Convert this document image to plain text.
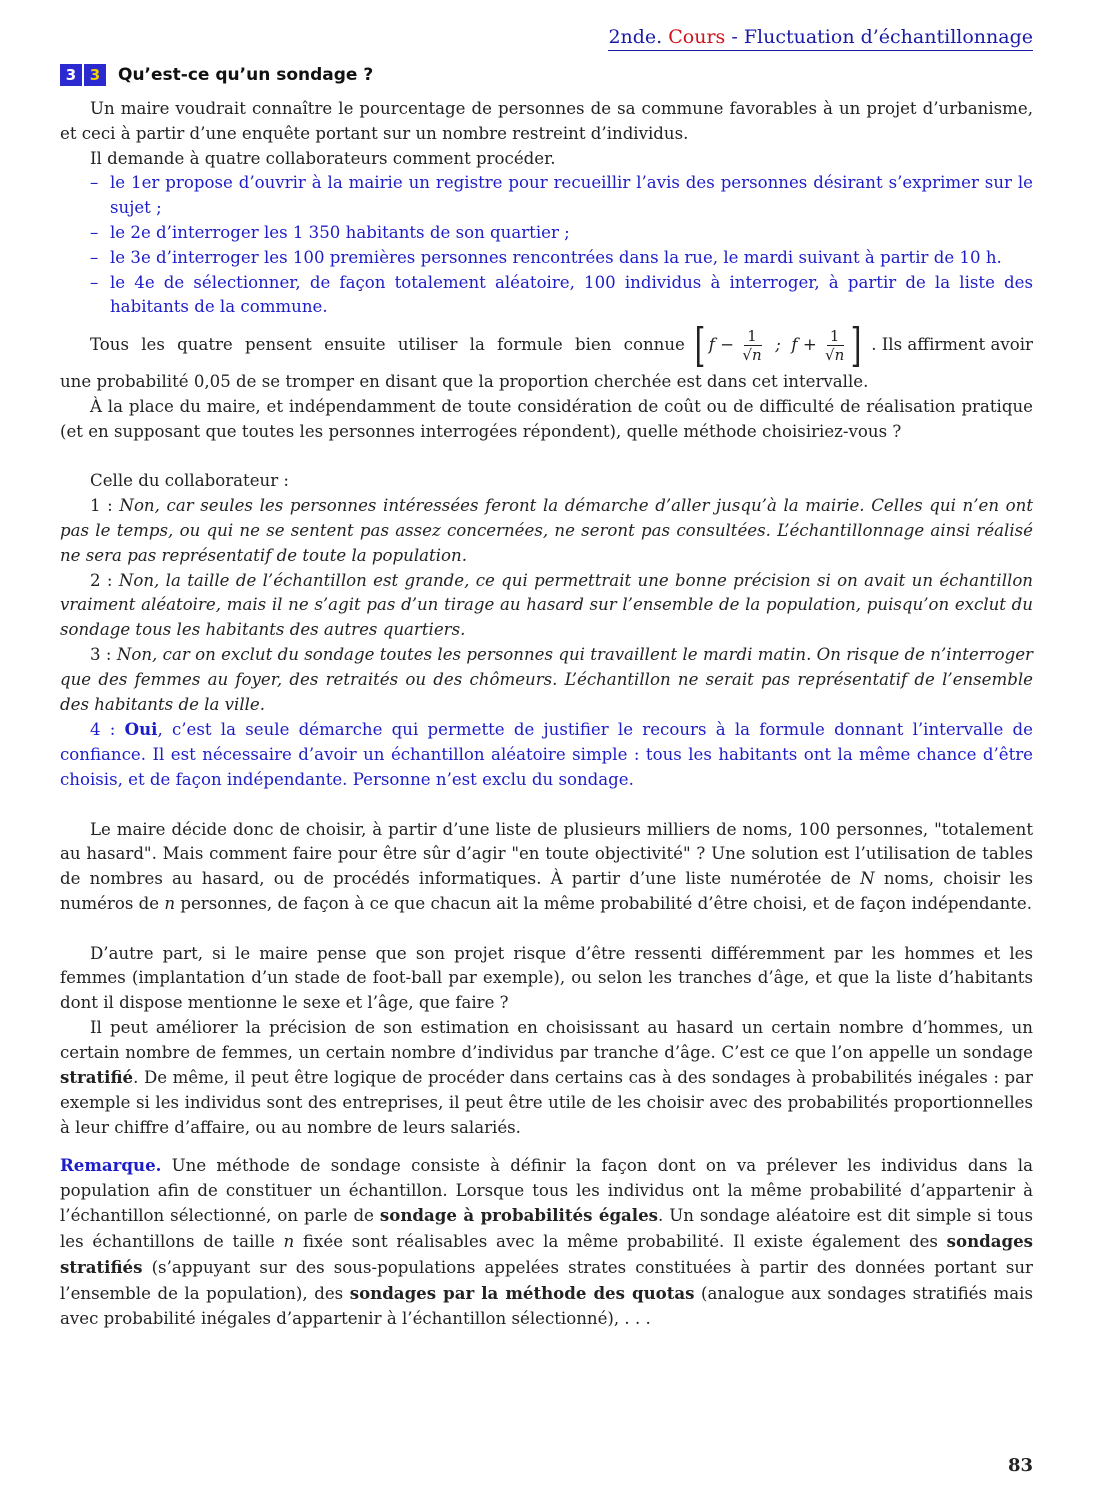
2nde. Cours - Fluctuation d’échantillonnage
3 3	Qu’est-ce qu’un sondage ?

Un maire voudrait connaître le pourcentage de personnes de sa commune favorables à un projet d’urbanisme, et ceci à partir d’une enquête portant sur un nombre restreint d’individus.

Il demande à quatre collaborateurs comment procéder.

– le 1er propose d’ouvrir à la mairie un registre pour recueillir l’avis des personnes désirant s’exprimer sur le sujet ;
– le 2e d’interroger les 1 350 habitants de son quartier ;
– le 3e d’interroger les 100 premières personnes rencontrées dans la rue, le mardi suivant à partir de 10 h.
– le 4e de sélectionner, de façon totalement aléatoire, 100 individus à interroger, à partir de la liste des habitants de la commune.
Tous les quatre pensent ensuite utiliser la formule bien connue [ f
−
$\frac{1}{√n}$
;
f
+
$\frac{1}{√n}$ ] . Ils affirment avoir

une probabilité 0,05 de se tromper en disant que la proportion cherchée est dans cet intervalle.

À la place du maire, et indépendamment de toute considération de coût ou de difficulté de réalisation pratique (et en supposant que toutes les personnes interrogées répondent), quelle méthode choisiriez-vous ?

Celle du collaborateur :

1 : Non, car seules les personnes intéressées feront la démarche d’aller jusqu’à la mairie. Celles qui n’en ont pas le temps, ou qui ne se sentent pas assez concernées, ne seront pas consultées. L’échantillonnage ainsi réalisé ne sera pas représentatif de toute la population.

2 : Non, la taille de l’échantillon est grande, ce qui permettrait une bonne précision si on avait un échantillon vraiment aléatoire, mais il ne s’agit pas d’un tirage au hasard sur l’ensemble de la population, puisqu’on exclut du sondage tous les habitants des autres quartiers.

3 : Non, car on exclut du sondage toutes les personnes qui travaillent le mardi matin. On risque de n’interroger que des femmes au foyer, des retraités ou des chômeurs. L’échantillon ne serait pas représentatif de l’ensemble des habitants de la ville.

4 : Oui, c’est la seule démarche qui permette de justifier le recours à la formule donnant l’intervalle de confiance. Il est nécessaire d’avoir un échantillon aléatoire simple : tous les habitants ont la même chance d’être choisis, et de façon indépendante. Personne n’est exclu du sondage.

Le maire décide donc de choisir, à partir d’une liste de plusieurs milliers de noms, 100 personnes, "totalement au hasard". Mais comment faire pour être sûr d’agir "en toute objectivité" ? Une solution est l’utilisation de tables de nombres au hasard, ou de procédés informatiques. À partir d’une liste numérotée de N noms, choisir les numéros de n personnes, de façon à ce que chacun ait la même probabilité d’être choisi, et de façon indépendante.

D’autre part, si le maire pense que son projet risque d’être ressenti différemment par les hommes et les femmes (implantation d’un stade de foot-ball par exemple), ou selon les tranches d’âge, et que la liste d’habitants dont il dispose mentionne le sexe et l’âge, que faire ?

Il peut améliorer la précision de son estimation en choisissant au hasard un certain nombre d’hommes, un certain nombre de femmes, un certain nombre d’individus par tranche d’âge. C’est ce que l’on appelle un sondage stratifié. De même, il peut être logique de procéder dans certains cas à des sondages à probabilités inégales : par exemple si les individus sont des entreprises, il peut être utile de les choisir avec des probabilités proportionnelles à leur chiffre d’affaire, ou au nombre de leurs salariés.

Remarque. Une méthode de sondage consiste à définir la façon dont on va prélever les individus dans la population afin de constituer un échantillon. Lorsque tous les individus ont la même probabilité d’appartenir à l’échantillon sélectionné, on parle de sondage à probabilités égales. Un sondage aléatoire est dit simple si tous les échantillons de taille n fixée sont réalisables avec la même probabilité. Il existe également des sondages stratifiés (s’appuyant sur des sous-populations appelées strates constituées à partir des données portant sur l’ensemble de la population), des sondages par la méthode des quotas (analogue aux sondages stratifiés mais avec probabilité inégales d’appartenir à l’échantillon sélectionné), . . .

83
